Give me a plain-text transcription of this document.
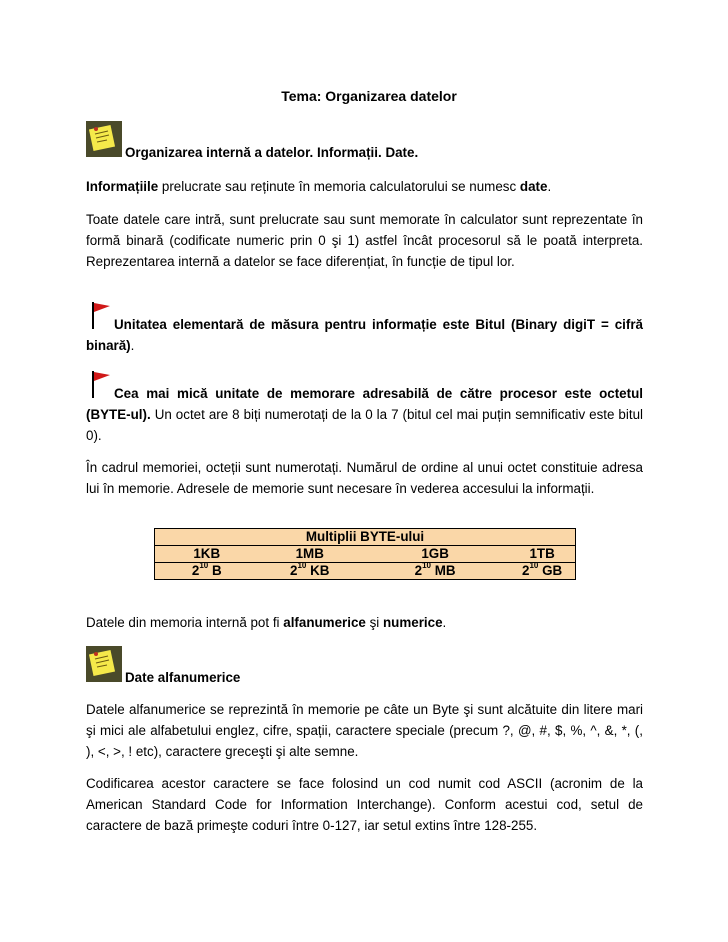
Tema: Organizarea datelor
Organizarea internă a datelor. Informații. Date.
Informațiile prelucrate sau reținute în memoria calculatorului se numesc date.
Toate datele care intră, sunt prelucrate sau sunt memorate în calculator sunt reprezentate în formă binară (codificate numeric prin 0 şi 1) astfel încât procesorul să le poată interpreta. Reprezentarea internă a datelor se face diferențiat, în funcție de tipul lor.
Unitatea elementară de măsura pentru informație este Bitul (Binary digiT = cifră binară).
Cea mai mică unitate de memorare adresabilă de către procesor este octetul (BYTE-ul). Un octet are 8 biți numerotați de la 0 la 7 (bitul cel mai puțin semnificativ este bitul 0).
În cadrul memoriei, octeții sunt numerotați. Numărul de ordine al unui octet constituie adresa lui în memorie. Adresele de memorie sunt necesare în vederea accesului la informații.
Multiplii BYTE-ului			
1KB	1MB	1GB	1TB
$2^{10}$ B	$2^{10}$ KB	$2^{10}$ MB	$2^{10}$ GB
Datele din memoria internă pot fi alfanumerice şi numerice.
Date alfanumerice
Datele alfanumerice se reprezintă în memorie pe câte un Byte şi sunt alcătuite din litere mari şi mici ale alfabetului englez, cifre, spații, caractere speciale (precum ?, @, #, $, %, ^, &, *, (, ), <, >, ! etc), caractere greceşti şi alte semne.
Codificarea acestor caractere se face folosind un cod numit cod ASCII (acronim de la American Standard Code for Information Interchange). Conform acestui cod, setul de caractere de bază primeşte coduri între 0-127, iar setul extins între 128-255.
